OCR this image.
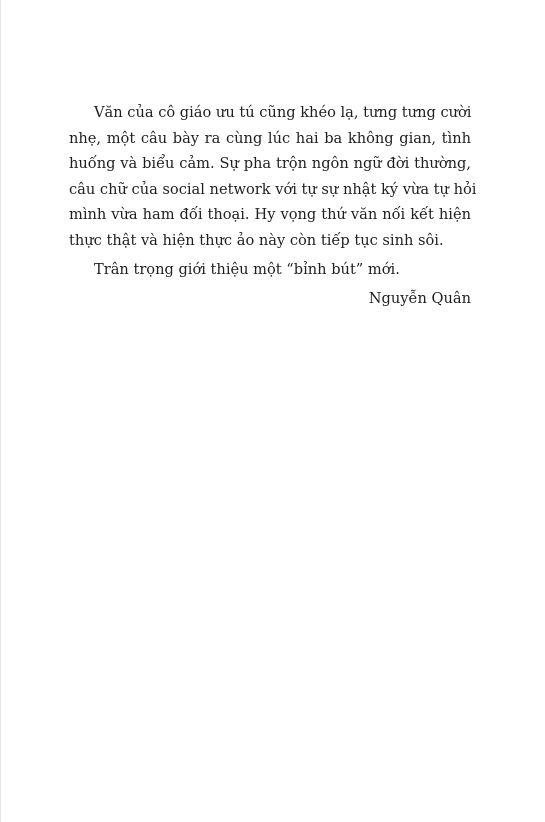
Văn của cô giáo ưu tú cũng khéo lạ, tưng tưng cười
nhẹ, một câu bày ra cùng lúc hai ba không gian, tình
huống và biểu cảm. Sự pha trộn ngôn ngữ đời thường,
câu chữ của social network với tự sự nhật ký vừa tự hỏi
mình vừa ham đối thoại. Hy vọng thứ văn nối kết hiện
thực thật và hiện thực ảo này còn tiếp tục sinh sôi.
Trân trọng giới thiệu một “bỉnh bút” mới.
Nguyễn Quân
